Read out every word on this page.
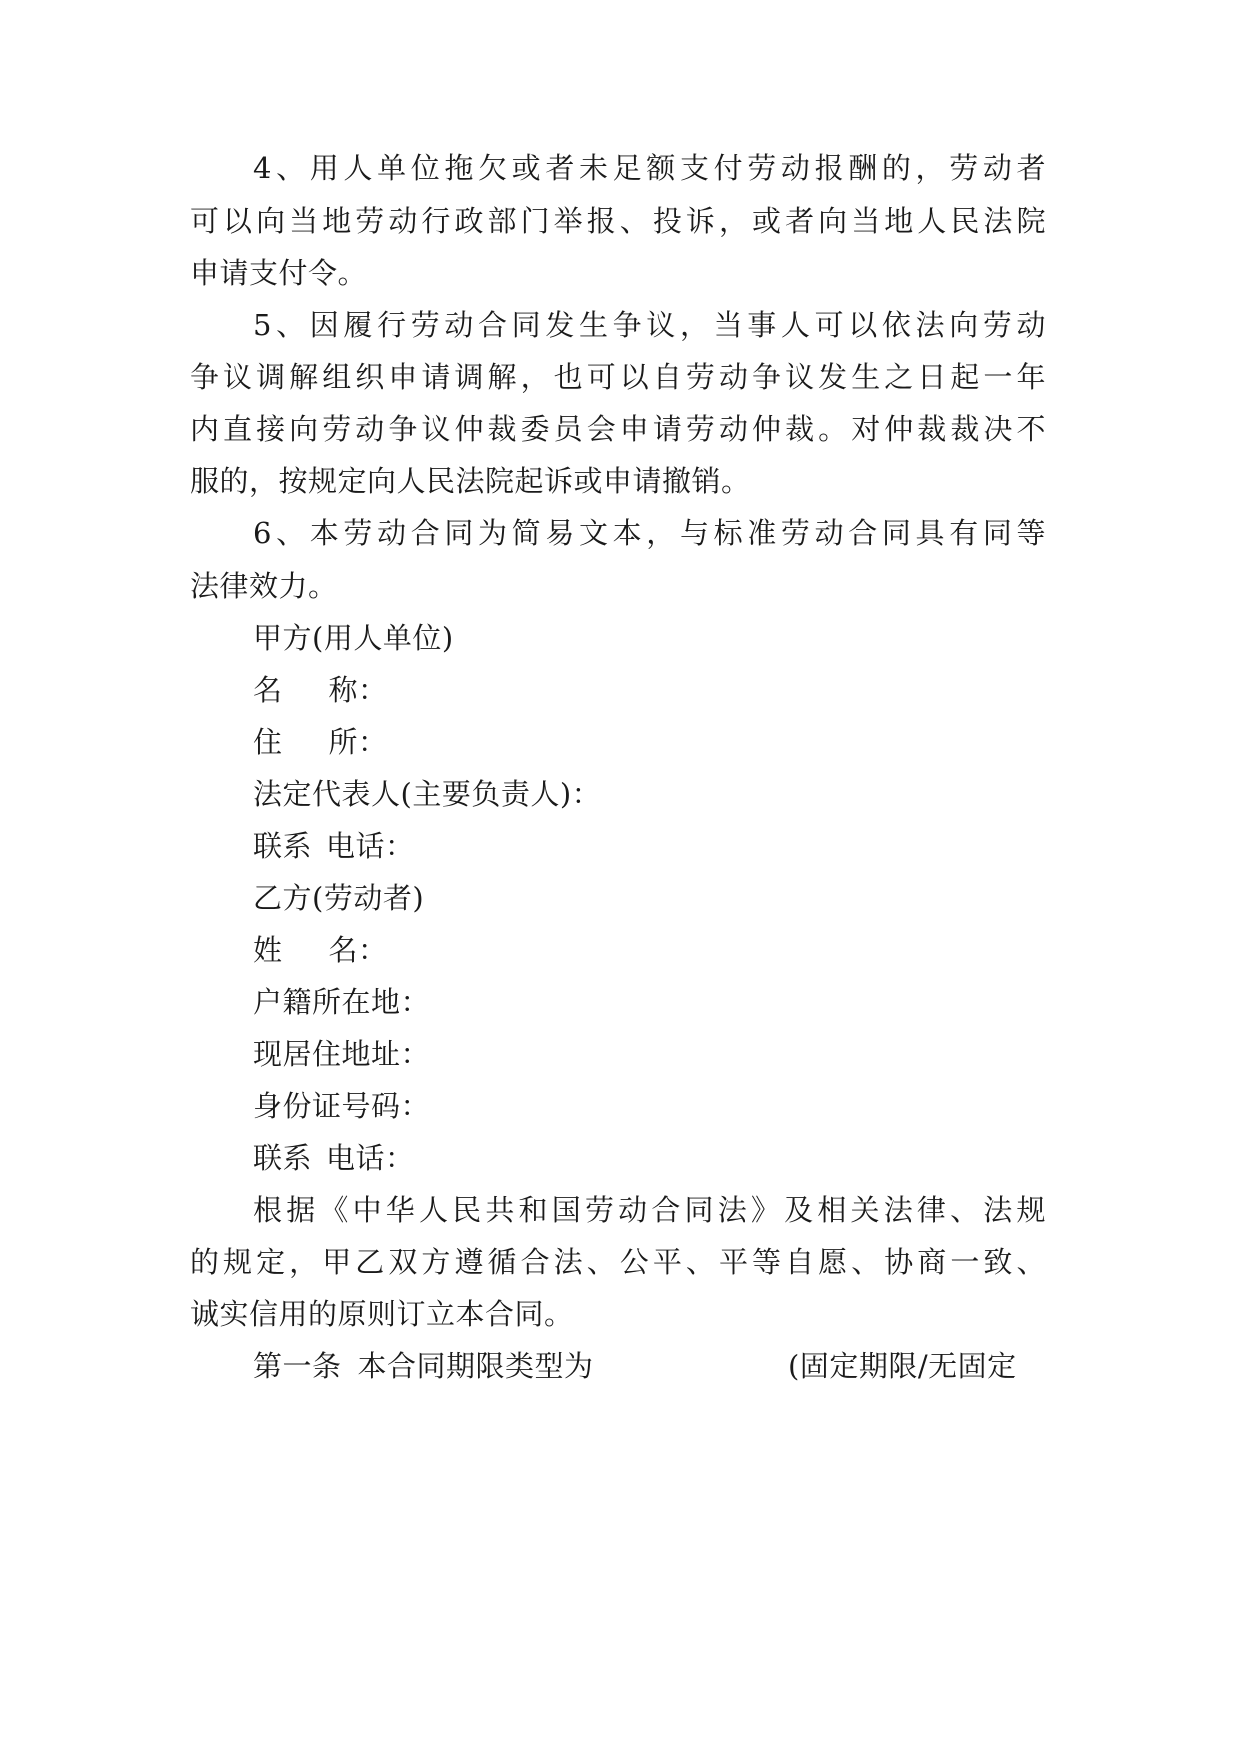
4、用人单位拖欠或者未足额支付劳动报酬的，劳动者
可以向当地劳动行政部门举报、投诉，或者向当地人民法院
申请支付令。
5、因履行劳动合同发生争议，当事人可以依法向劳动
争议调解组织申请调解，也可以自劳动争议发生之日起一年
内直接向劳动争议仲裁委员会申请劳动仲裁。对仲裁裁决不
服的，按规定向人民法院起诉或申请撤销。
6、本劳动合同为简易文本，与标准劳动合同具有同等
法律效力。
甲方(用人单位)
名 称：
住 所：
法定代表人(主要负责人)：
联系 电话：
乙方(劳动者)
姓 名：
户籍所在地：
现居住地址：
身份证号码：
联系 电话：
根据《中华人民共和国劳动合同法》及相关法律、法规
的规定，甲乙双方遵循合法、公平、平等自愿、协商一致、
诚实信用的原则订立本合同。
第一条 本合同期限类型为	(固定期限/无固定
